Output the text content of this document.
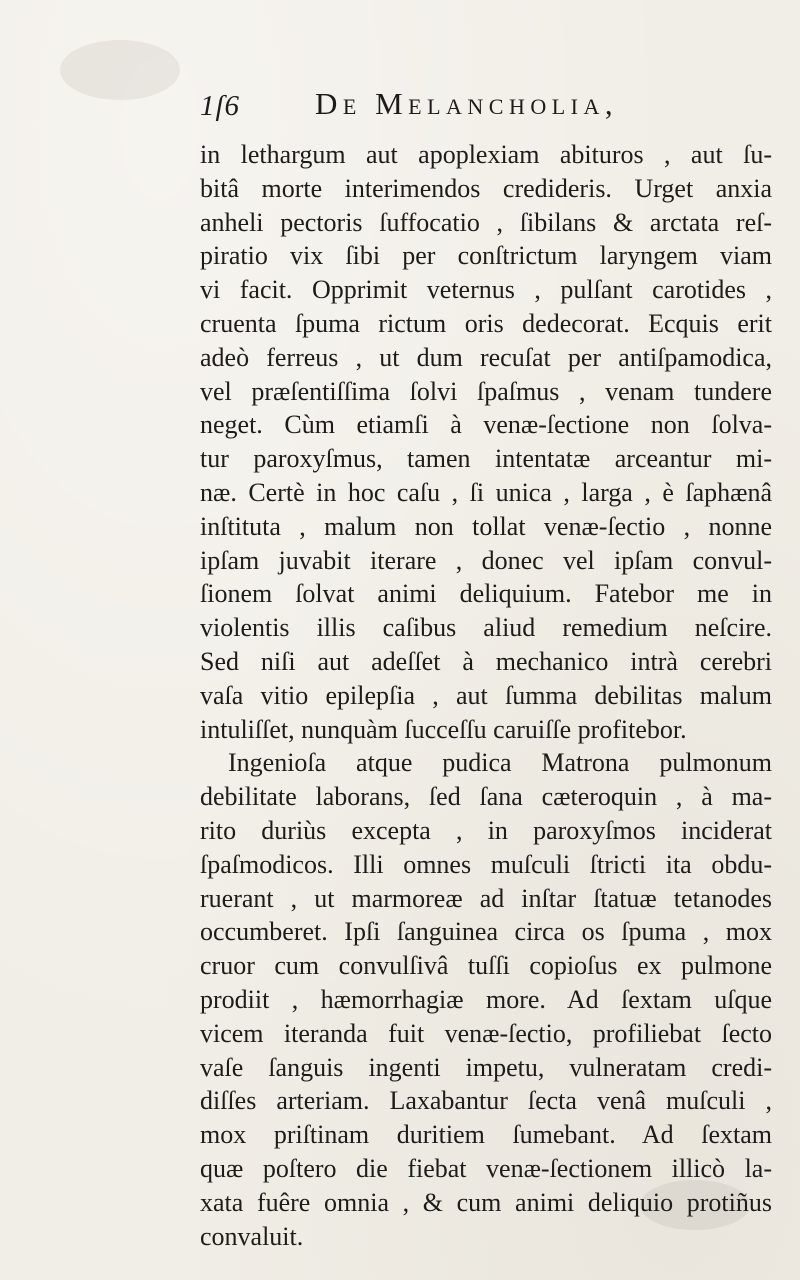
1ſ6 De Melancholia,
in lethargum aut apoplexiam abituros , aut ſu-
bitâ morte interimendos credideris. Urget anxia
anheli pectoris ſuffocatio , ſibilans & arctata reſ-
piratio vix ſibi per conſtrictum laryngem viam
vi facit. Opprimit veternus , pulſant carotides ,
cruenta ſpuma rictum oris dedecorat. Ecquis erit
adeò ferreus , ut dum recuſat per antiſpamodica,
vel præſentiſſima ſolvi ſpaſmus , venam tundere
neget. Cùm etiamſi à venæ-ſectione non ſolva-
tur paroxyſmus, tamen intentatæ arceantur mi-
næ. Certè in hoc caſu , ſi unica , larga , è ſaphænâ
inſtituta , malum non tollat venæ-ſectio , nonne
ipſam juvabit iterare , donec vel ipſam convul-
ſionem ſolvat animi deliquium. Fatebor me in
violentis illis caſibus aliud remedium neſcire.
Sed niſi aut adeſſet à mechanico intrà cerebri
vaſa vitio epilepſia , aut ſumma debilitas malum
intuliſſet, nunquàm ſucceſſu caruiſſe profitebor.
Ingenioſa atque pudica Matrona pulmonum
debilitate laborans, ſed ſana cæteroquin , à ma-
rito duriùs excepta , in paroxyſmos inciderat
ſpaſmodicos. Illi omnes muſculi ſtricti ita obdu-
ruerant , ut marmoreæ ad inſtar ſtatuæ tetanodes
occumberet. Ipſi ſanguinea circa os ſpuma , mox
cruor cum convulſivâ tuſſi copioſus ex pulmone
prodiit , hæmorrhagiæ more. Ad ſextam uſque
vicem iteranda fuit venæ-ſectio, profiliebat ſecto
vaſe ſanguis ingenti impetu, vulneratam credi-
diſſes arteriam. Laxabantur ſecta venâ muſculi ,
mox priſtinam duritiem ſumebant. Ad ſextam
quæ poſtero die fiebat venæ-ſectionem illicò la-
xata fuêre omnia , & cum animi deliquio protiñus
convaluit.
